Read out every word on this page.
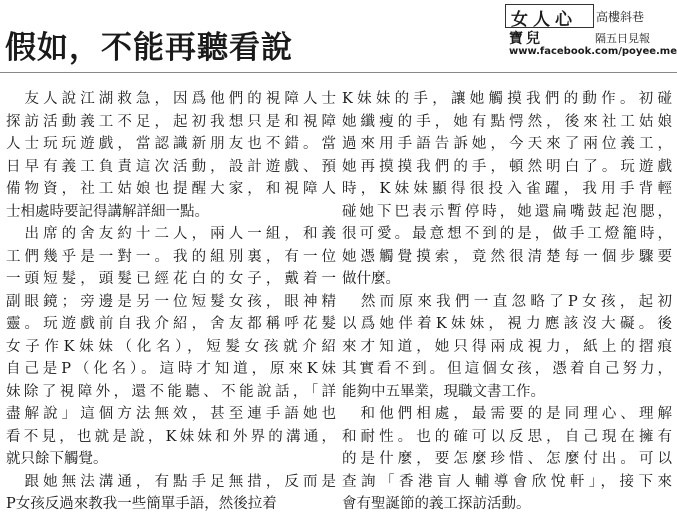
假如，不能再聽看說
女人心 高樓斜巷
寶兒	隔五日見報
www.facebook.com/poyee.me
　友人說江湖救急，因爲他們的視障人士
探訪活動義工不足，起初我想只是和視障
人士玩玩遊戲，當認識新朋友也不錯。當
日早有義工負責這次活動，設計遊戲、預
備物資，社工姑娘也提醒大家，和視障人
士相處時要記得講解詳細一點。
　出席的舍友約十二人，兩人一組，和義
工們幾乎是一對一。我的組別裏，有一位
一頭短髮，頭髮已經花白的女子，戴着一
副眼鏡；旁邊是另一位短髮女孩，眼神精
靈。玩遊戲前自我介紹，舍友都稱呼花髮
女子作K妹妹（化名），短髮女孩就介紹
自己是P（化名）。這時才知道，原來K妹
妹除了視障外，還不能聽、不能說話，「詳
盡解說」這個方法無效，甚至連手語她也
看不見，也就是說，K妹妹和外界的溝通，
就只餘下觸覺。
　跟她無法溝通，有點手足無措，反而是
P女孩反過來教我一些簡單手語，然後拉着
K妹妹的手，讓她觸摸我們的動作。初碰
她纖瘦的手，她有點愕然，後來社工姑娘
過來用手語告訴她，今天來了兩位義工，
她再摸摸我們的手，頓然明白了。玩遊戲
時，K妹妹顯得很投入雀躍，我用手背輕
碰她下巴表示暫停時，她還扁嘴鼓起泡腮，
很可愛。最意想不到的是，做手工燈籠時，
她憑觸覺摸索，竟然很清楚每一個步驟要
做什麼。
　然而原來我們一直忽略了P女孩，起初
以爲她伴着K妹妹，視力應該沒大礙。後
來才知道，她只得兩成視力，紙上的摺痕
其實看不到。但這個女孩，憑着自己努力，
能夠中五畢業，現職文書工作。
　和他們相處，最需要的是同理心、理解
和耐性。也的確可以反思，自己現在擁有
的是什麼，要怎麼珍惜、怎麼付出。可以
查詢「香港盲人輔導會欣悅軒」，接下來
會有聖誕節的義工探訪活動。
